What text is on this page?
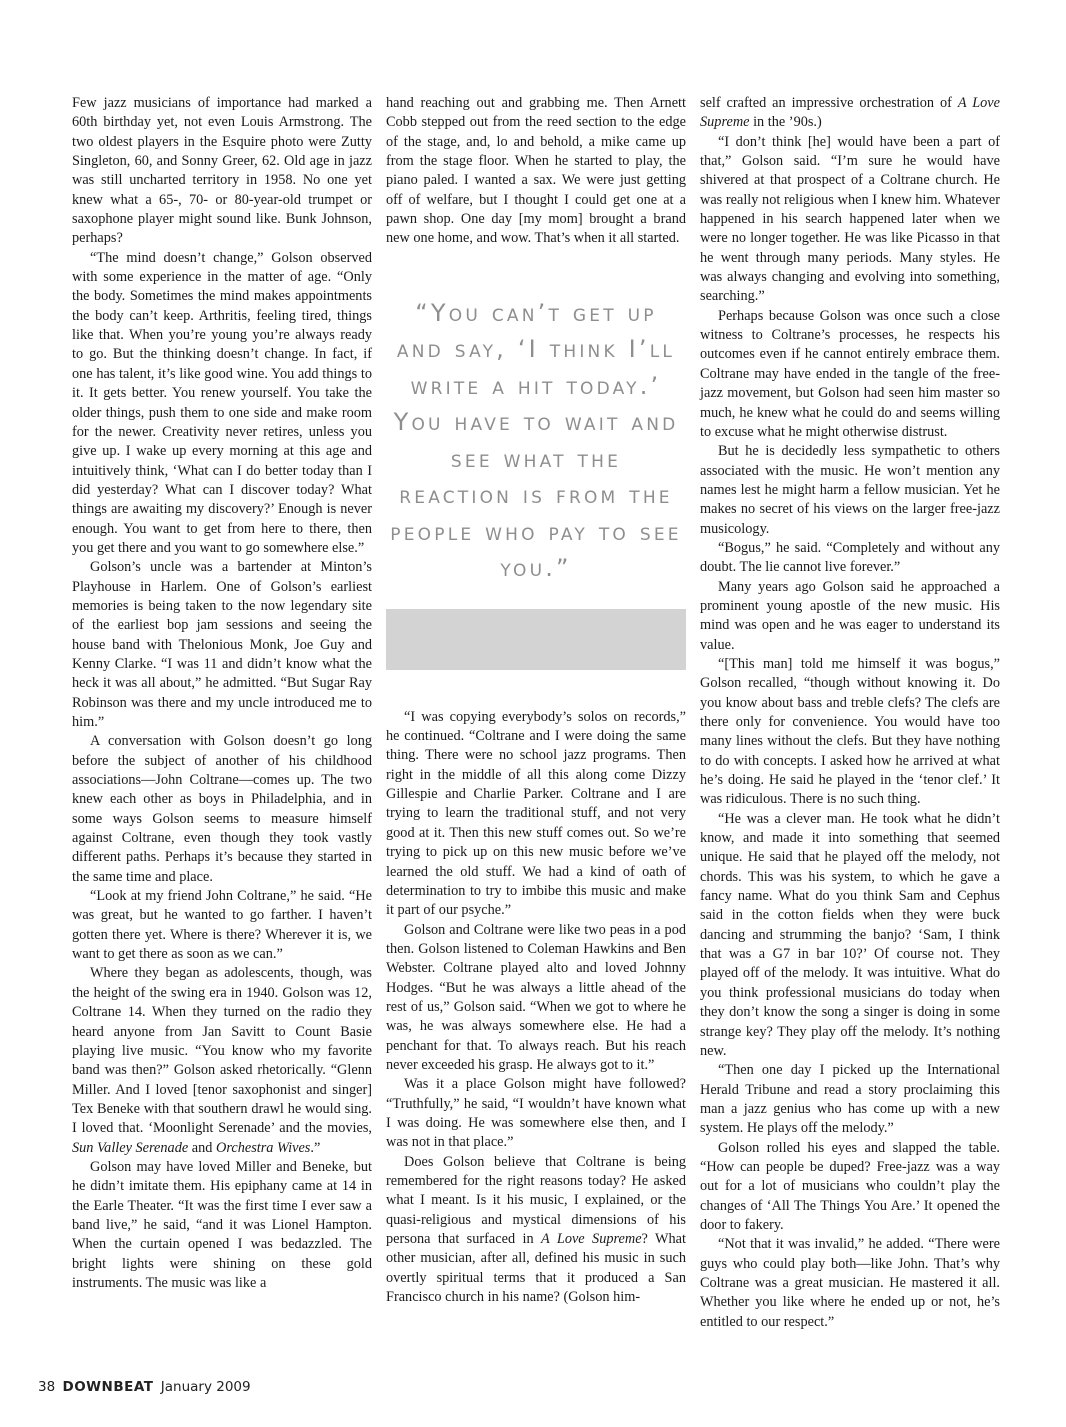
Few jazz musicians of importance had marked a 60th birthday yet, not even Louis Armstrong. The two oldest players in the Esquire photo were Zutty Singleton, 60, and Sonny Greer, 62. Old age in jazz was still uncharted territory in 1958. No one yet knew what a 65-, 70- or 80-year-old trumpet or saxophone player might sound like. Bunk Johnson, perhaps?

“The mind doesn’t change,” Golson observed with some experience in the matter of age. “Only the body. Sometimes the mind makes appointments the body can’t keep. Arthritis, feeling tired, things like that. When you’re young you’re always ready to go. But the thinking doesn’t change. In fact, if one has talent, it’s like good wine. You add things to it. It gets better. You renew yourself. You take the older things, push them to one side and make room for the newer. Creativity never retires, unless you give up. I wake up every morning at this age and intuitively think, ‘What can I do better today than I did yesterday? What can I discover today? What things are awaiting my discovery?’ Enough is never enough. You want to get from here to there, then you get there and you want to go somewhere else.”

Golson’s uncle was a bartender at Minton’s Playhouse in Harlem. One of Golson’s earliest memories is being taken to the now legendary site of the earliest bop jam sessions and seeing the house band with Thelonious Monk, Joe Guy and Kenny Clarke. “I was 11 and didn’t know what the heck it was all about,” he admitted. “But Sugar Ray Robinson was there and my uncle introduced me to him.”

A conversation with Golson doesn’t go long before the subject of another of his childhood associations—John Coltrane—comes up. The two knew each other as boys in Philadelphia, and in some ways Golson seems to measure himself against Coltrane, even though they took vastly different paths. Perhaps it’s because they started in the same time and place.

“Look at my friend John Coltrane,” he said. “He was great, but he wanted to go farther. I haven’t gotten there yet. Where is there? Wherever it is, we want to get there as soon as we can.”

Where they began as adolescents, though, was the height of the swing era in 1940. Golson was 12, Coltrane 14. When they turned on the radio they heard anyone from Jan Savitt to Count Basie playing live music. “You know who my favorite band was then?” Golson asked rhetorically. “Glenn Miller. And I loved [tenor saxophonist and singer] Tex Beneke with that southern drawl he would sing. I loved that. ‘Moonlight Serenade’ and the movies, Sun Valley Serenade and Orchestra Wives.”

Golson may have loved Miller and Beneke, but he didn’t imitate them. His epiphany came at 14 in the Earle Theater. “It was the first time I ever saw a band live,” he said, “and it was Lionel Hampton. When the curtain opened I was bedazzled. The bright lights were shining on these gold instruments. The music was like a

hand reaching out and grabbing me. Then Arnett Cobb stepped out from the reed section to the edge of the stage, and, lo and behold, a mike came up from the stage floor. When he started to play, the piano paled. I wanted a sax. We were just getting off of welfare, but I thought I could get one at a pawn shop. One day [my mom] brought a brand new one home, and wow. That’s when it all started.

“You can’t get up and say, ‘I think I’ll write a hit today.’ You have to wait and see what the reaction is from the people who pay to see you.”

“I was copying everybody’s solos on records,” he continued. “Coltrane and I were doing the same thing. There were no school jazz programs. Then right in the middle of all this along come Dizzy Gillespie and Charlie Parker. Coltrane and I are trying to learn the traditional stuff, and not very good at it. Then this new stuff comes out. So we’re trying to pick up on this new music before we’ve learned the old stuff. We had a kind of oath of determination to try to imbibe this music and make it part of our psyche.”

Golson and Coltrane were like two peas in a pod then. Golson listened to Coleman Hawkins and Ben Webster. Coltrane played alto and loved Johnny Hodges. “But he was always a little ahead of the rest of us,” Golson said. “When we got to where he was, he was always somewhere else. He had a penchant for that. To always reach. But his reach never exceeded his grasp. He always got to it.”

Was it a place Golson might have followed? “Truthfully,” he said, “I wouldn’t have known what I was doing. He was somewhere else then, and I was not in that place.”

Does Golson believe that Coltrane is being remembered for the right reasons today? He asked what I meant. Is it his music, I explained, or the quasi-religious and mystical dimensions of his persona that surfaced in A Love Supreme? What other musician, after all, defined his music in such overtly spiritual terms that it produced a San Francisco church in his name? (Golson him-

self crafted an impressive orchestration of A Love Supreme in the ’90s.)

“I don’t think [he] would have been a part of that,” Golson said. “I’m sure he would have shivered at that prospect of a Coltrane church. He was really not religious when I knew him. Whatever happened in his search happened later when we were no longer together. He was like Picasso in that he went through many periods. Many styles. He was always changing and evolving into something, searching.”

Perhaps because Golson was once such a close witness to Coltrane’s processes, he respects his outcomes even if he cannot entirely embrace them. Coltrane may have ended in the tangle of the free-jazz movement, but Golson had seen him master so much, he knew what he could do and seems willing to excuse what he might otherwise distrust.

But he is decidedly less sympathetic to others associated with the music. He won’t mention any names lest he might harm a fellow musician. Yet he makes no secret of his views on the larger free-jazz musicology.

“Bogus,” he said. “Completely and without any doubt. The lie cannot live forever.”

Many years ago Golson said he approached a prominent young apostle of the new music. His mind was open and he was eager to understand its value.

“[This man] told me himself it was bogus,” Golson recalled, “though without knowing it. Do you know about bass and treble clefs? The clefs are there only for convenience. You would have too many lines without the clefs. But they have nothing to do with concepts. I asked how he arrived at what he’s doing. He said he played in the ‘tenor clef.’ It was ridiculous. There is no such thing.

“He was a clever man. He took what he didn’t know, and made it into something that seemed unique. He said that he played off the melody, not chords. This was his system, to which he gave a fancy name. What do you think Sam and Cephus said in the cotton fields when they were buck dancing and strumming the banjo? ‘Sam, I think that was a G7 in bar 10?’ Of course not. They played off of the melody. It was intuitive. What do you think professional musicians do today when they don’t know the song a singer is doing in some strange key? They play off the melody. It’s nothing new.

“Then one day I picked up the International Herald Tribune and read a story proclaiming this man a jazz genius who has come up with a new system. He plays off the melody.”

Golson rolled his eyes and slapped the table. “How can people be duped? Free-jazz was a way out for a lot of musicians who couldn’t play the changes of ‘All The Things You Are.’ It opened the door to fakery.

“Not that it was invalid,” he added. “There were guys who could play both—like John. That’s why Coltrane was a great musician. He mastered it all. Whether you like where he ended up or not, he’s entitled to our respect.”

38 DOWNBEAT January 2009
